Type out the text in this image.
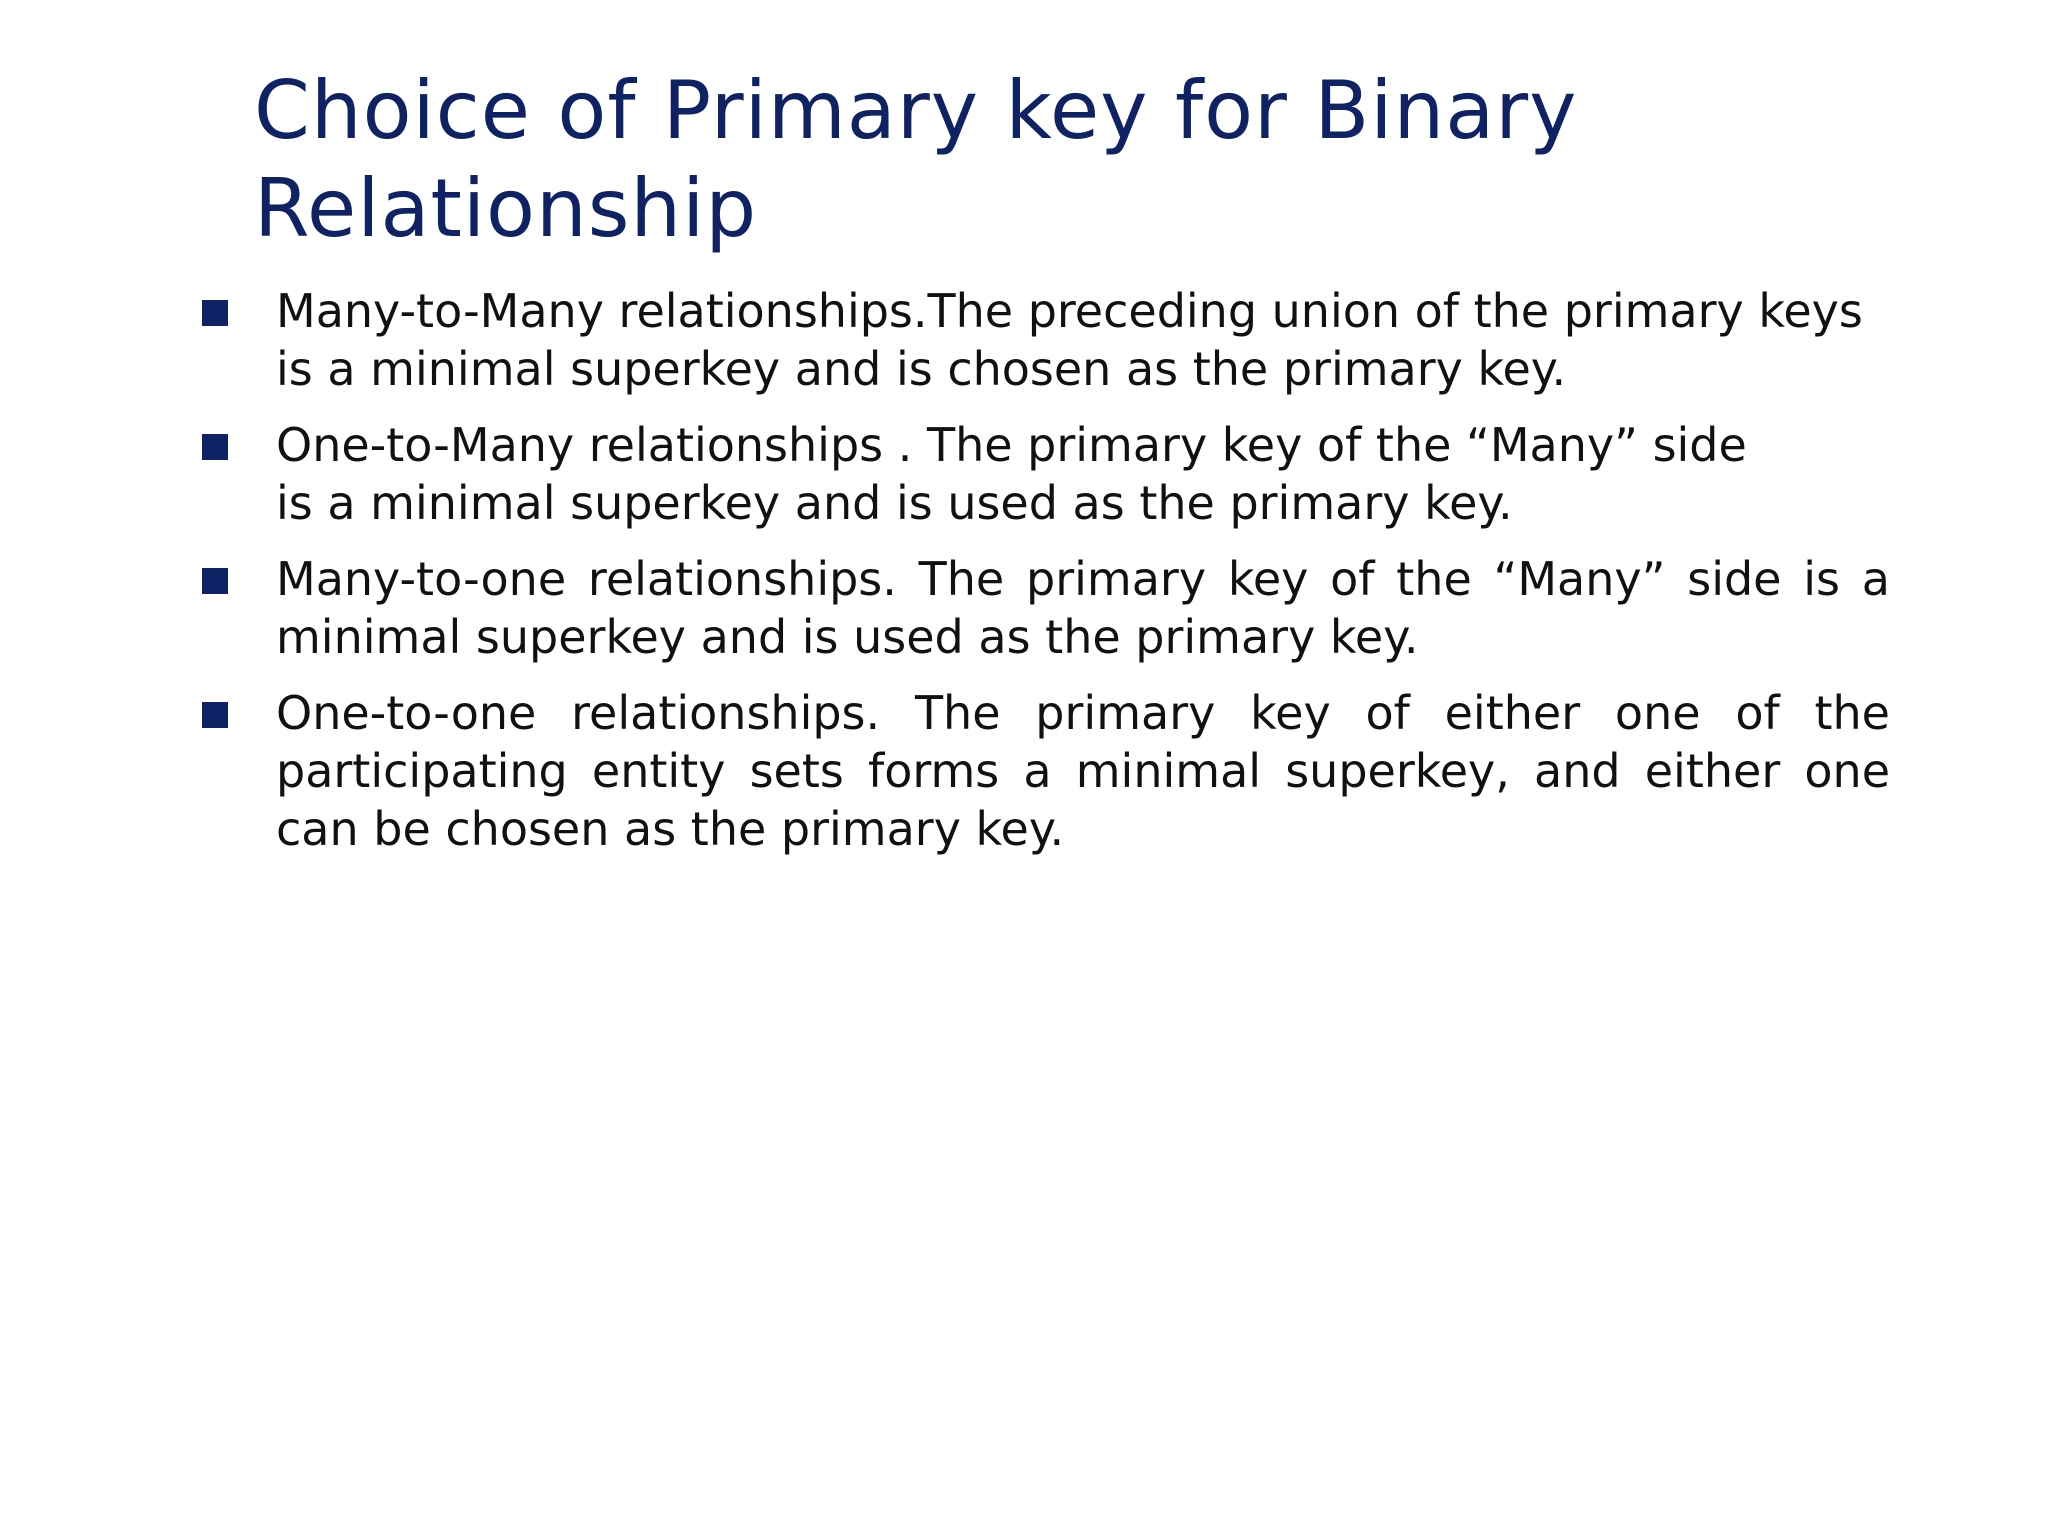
Choice of Primary key for Binary Relationship
Many-to-Many relationships.The preceding union of the primary keys
is a minimal superkey and is chosen as the primary key.
One-to-Many relationships . The primary key of the “Many” side
is a minimal superkey and is used as the primary key.
Many-to-one relationships. The primary key of the “Many” side is a minimal superkey and is used as the primary key.
One-to-one relationships. The primary key of either one of the participating entity sets forms a minimal superkey, and either one can be chosen as the primary key.
